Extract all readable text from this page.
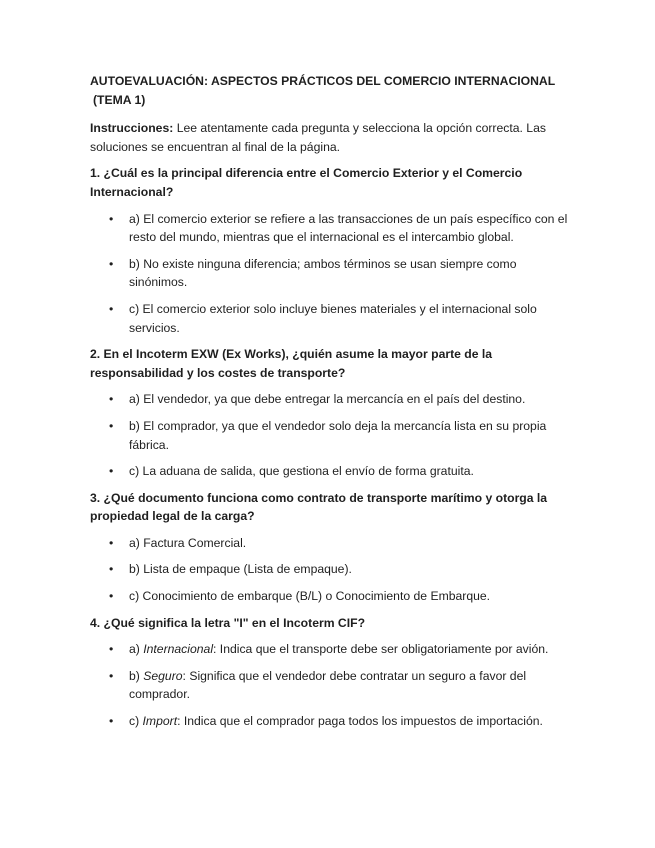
AUTOEVALUACIÓN: ASPECTOS PRÁCTICOS DEL COMERCIO INTERNACIONAL (TEMA 1)
Instrucciones: Lee atentamente cada pregunta y selecciona la opción correcta. Las soluciones se encuentran al final de la página.
1. ¿Cuál es la principal diferencia entre el Comercio Exterior y el Comercio Internacional?
• a) El comercio exterior se refiere a las transacciones de un país específico con el resto del mundo, mientras que el internacional es el intercambio global.
• b) No existe ninguna diferencia; ambos términos se usan siempre como sinónimos.
• c) El comercio exterior solo incluye bienes materiales y el internacional solo servicios.
2. En el Incoterm EXW (Ex Works), ¿quién asume la mayor parte de la responsabilidad y los costes de transporte?
• a) El vendedor, ya que debe entregar la mercancía en el país del destino.
• b) El comprador, ya que el vendedor solo deja la mercancía lista en su propia fábrica.
• c) La aduana de salida, que gestiona el envío de forma gratuita.
3. ¿Qué documento funciona como contrato de transporte marítimo y otorga la propiedad legal de la carga?
• a) Factura Comercial.
• b) Lista de empaque (Lista de empaque).
• c) Conocimiento de embarque (B/L) o Conocimiento de Embarque.
4. ¿Qué significa la letra "I" en el Incoterm CIF?
• a) Internacional: Indica que el transporte debe ser obligatoriamente por avión.
• b) Seguro: Significa que el vendedor debe contratar un seguro a favor del comprador.
• c) Import: Indica que el comprador paga todos los impuestos de importación.
